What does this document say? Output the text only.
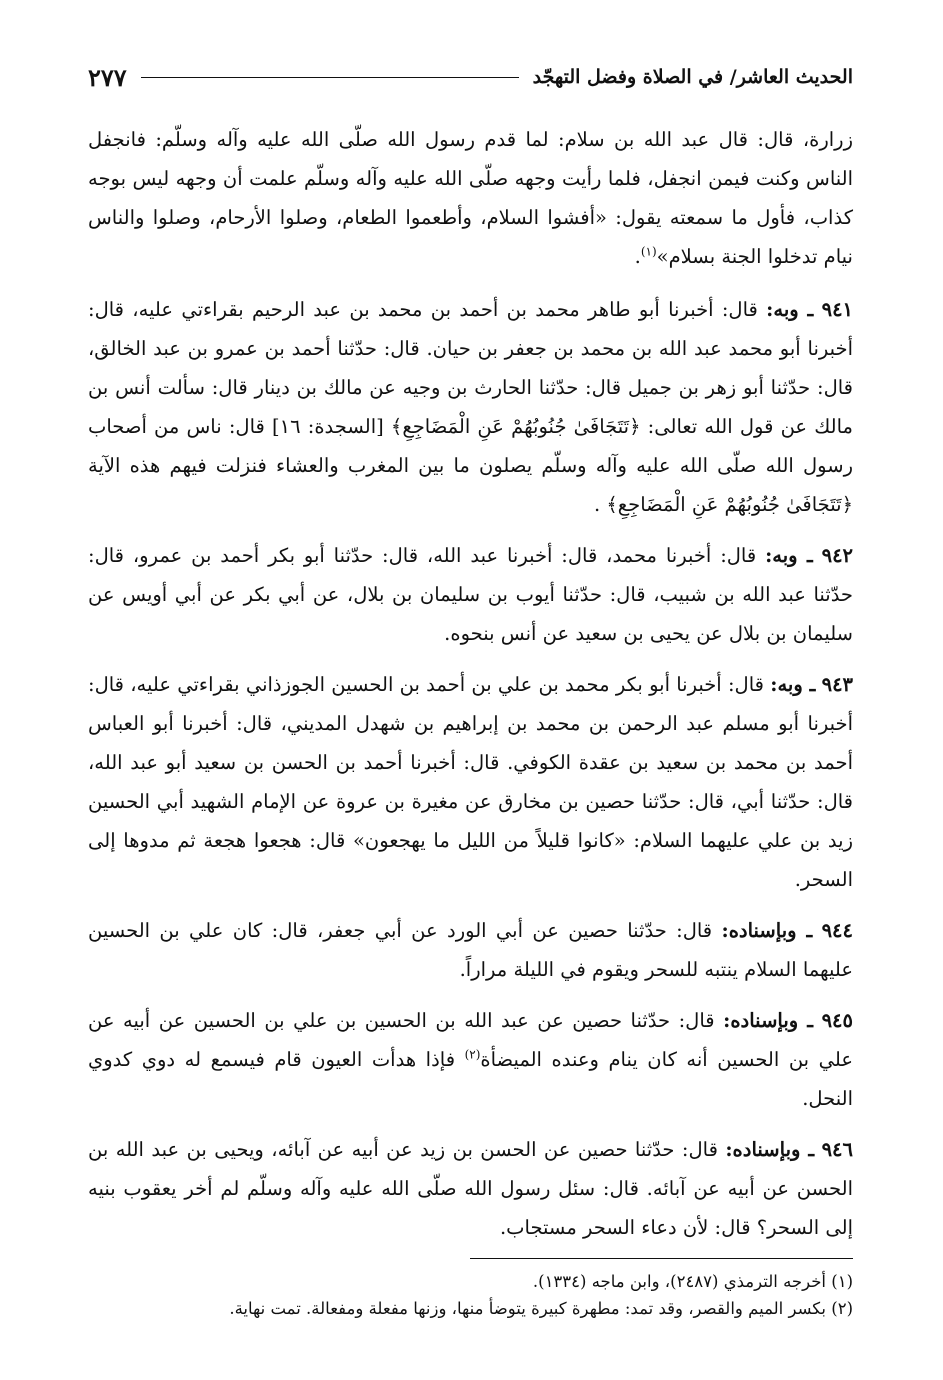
الحديث العاشر/ في الصلاة وفضل التهجّد
٢٧٧

زرارة، قال: قال عبد الله بن سلام: لما قدم رسول الله صلّى الله عليه وآله وسلّم: فانجفل الناس وكنت فيمن انجفل، فلما رأيت وجهه صلّى الله عليه وآله وسلّم علمت أن وجهه ليس بوجه كذاب، فأول ما سمعته يقول: «أفشوا السلام، وأطعموا الطعام، وصلوا الأرحام، وصلوا والناس نيام تدخلوا الجنة بسلام»$^{(١)}$.

٩٤١ ـ وبه: قال: أخبرنا أبو طاهر محمد بن أحمد بن محمد بن عبد الرحيم بقراءتي عليه، قال: أخبرنا أبو محمد عبد الله بن محمد بن جعفر بن حيان. قال: حدّثنا أحمد بن عمرو بن عبد الخالق، قال: حدّثنا أبو زهر بن جميل قال: حدّثنا الحارث بن وجيه عن مالك بن دينار قال: سألت أنس بن مالك عن قول الله تعالى: ﴿تَتَجَافَىٰ جُنُوبُهُمْ عَنِ الْمَضَاجِعِ﴾ [السجدة: ١٦] قال: ناس من أصحاب رسول الله صلّى الله عليه وآله وسلّم يصلون ما بين المغرب والعشاء فنزلت فيهم هذه الآية ﴿تَتَجَافَىٰ جُنُوبُهُمْ عَنِ الْمَضَاجِعِ﴾ .

٩٤٢ ـ وبه: قال: أخبرنا محمد، قال: أخبرنا عبد الله، قال: حدّثنا أبو بكر أحمد بن عمرو، قال: حدّثنا عبد الله بن شبيب، قال: حدّثنا أيوب بن سليمان بن بلال، عن أبي بكر عن أبي أويس عن سليمان بن بلال عن يحيى بن سعيد عن أنس بنحوه.

٩٤٣ ـ وبه: قال: أخبرنا أبو بكر محمد بن علي بن أحمد بن الحسين الجوزذاني بقراءتي عليه، قال: أخبرنا أبو مسلم عبد الرحمن بن محمد بن إبراهيم بن شهدل المديني، قال: أخبرنا أبو العباس أحمد بن محمد بن سعيد بن عقدة الكوفي. قال: أخبرنا أحمد بن الحسن بن سعيد أبو عبد الله، قال: حدّثنا أبي، قال: حدّثنا حصين بن مخارق عن مغيرة بن عروة عن الإمام الشهيد أبي الحسين زيد بن علي عليهما السلام: «كانوا قليلاً من الليل ما يهجعون» قال: هجعوا هجعة ثم مدوها إلى السحر.

٩٤٤ ـ وبإسناده: قال: حدّثنا حصين عن أبي الورد عن أبي جعفر، قال: كان علي بن الحسين عليهما السلام ينتبه للسحر ويقوم في الليلة مراراً.

٩٤٥ ـ وبإسناده: قال: حدّثنا حصين عن عبد الله بن الحسين بن علي بن الحسين عن أبيه عن علي بن الحسين أنه كان ينام وعنده الميضأة$^{(٢)}$ فإذا هدأت العيون قام فيسمع له دوي كدوي النحل.

٩٤٦ ـ وبإسناده: قال: حدّثنا حصين عن الحسن بن زيد عن أبيه عن آبائه، ويحيى بن عبد الله بن الحسن عن أبيه عن آبائه. قال: سئل رسول الله صلّى الله عليه وآله وسلّم لم أخر يعقوب بنيه إلى السحر؟ قال: لأن دعاء السحر مستجاب.

(١) أخرجه الترمذي (٢٤٨٧)، وابن ماجه (١٣٣٤).

(٢) بكسر الميم والقصر، وقد تمد: مطهرة كبيرة يتوضأ منها، وزنها مفعلة ومفعالة. تمت نهاية.
